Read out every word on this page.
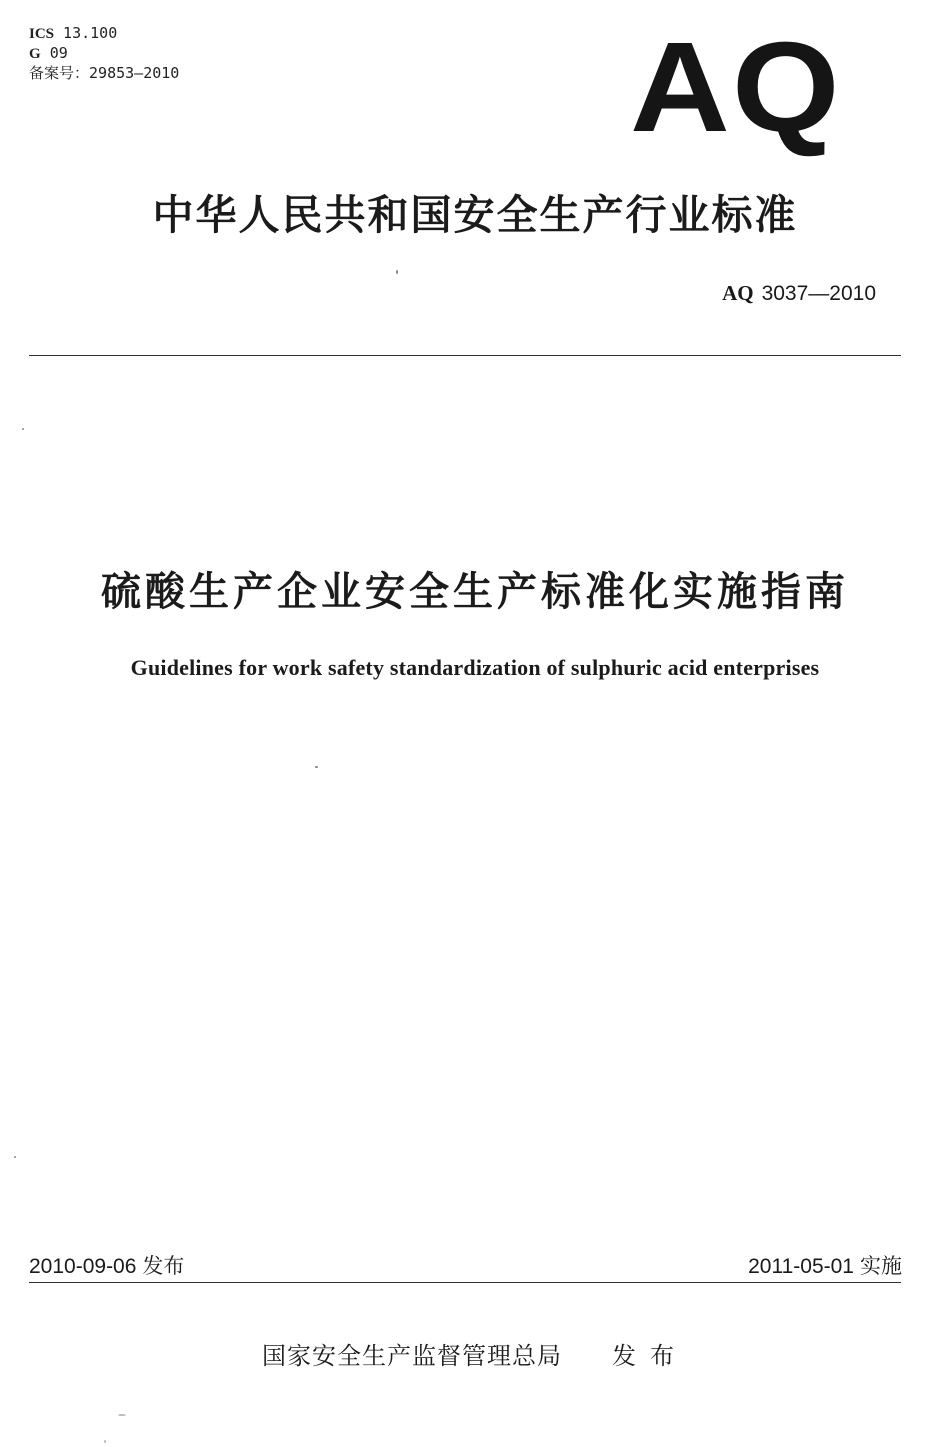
ICS 13.100
G 09
备案号：29853—2010	AQ
中华人民共和国安全生产行业标准
AQ 3037—2010
硫酸生产企业安全生产标准化实施指南
Guidelines for work safety standardization of sulphuric acid enterprises
2010-09-06 发布	2011-05-01 实施
国家安全生产监督管理总局 发布
